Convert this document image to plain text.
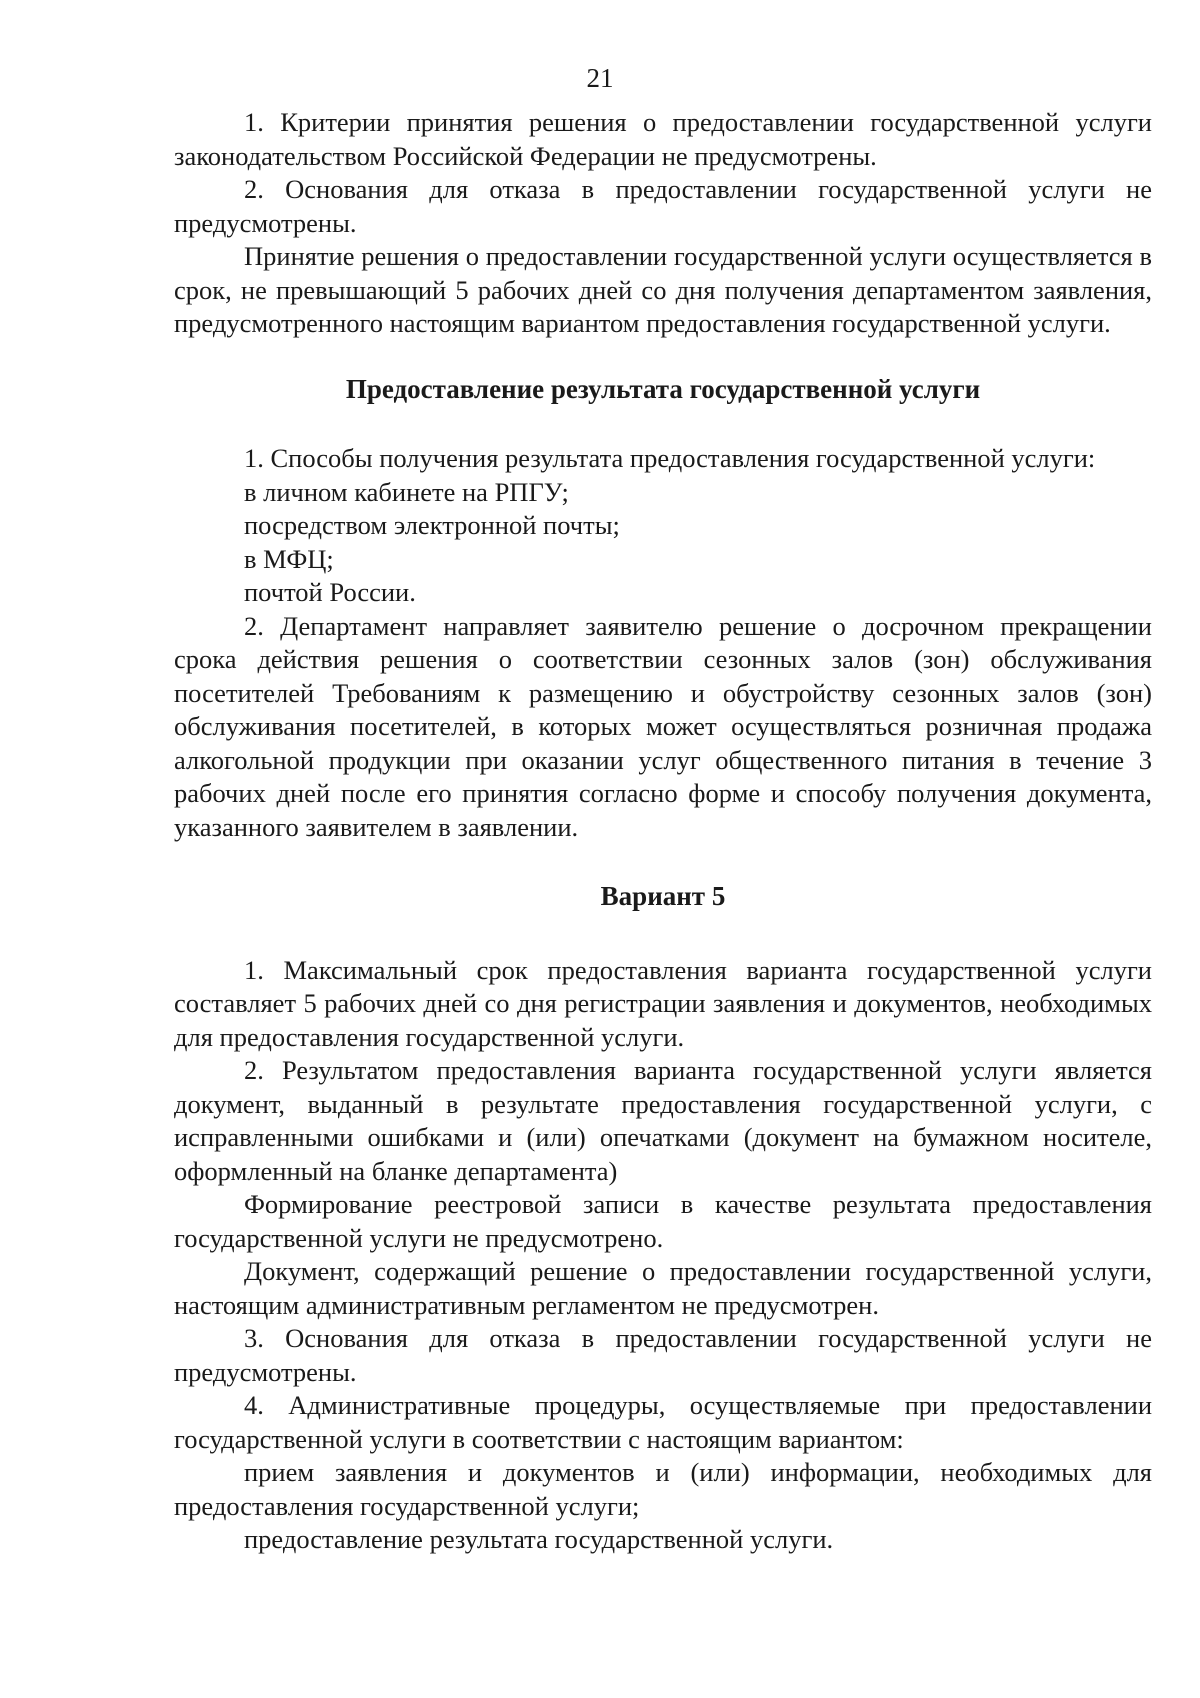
21

1. Критерии принятия решения о предоставлении государственной услуги законодательством Российской Федерации не предусмотрены.

2. Основания для отказа в предоставлении государственной услуги не предусмотрены.

Принятие решения о предоставлении государственной услуги осуществляется в срок, не превышающий 5 рабочих дней со дня получения департаментом заявления, предусмотренного настоящим вариантом предоставления государственной услуги.

Предоставление результата государственной услуги

1. Способы получения результата предоставления государственной услуги:

в личном кабинете на РПГУ;

посредством электронной почты;

в МФЦ;

почтой России.

2. Департамент направляет заявителю решение о досрочном прекращении срока действия решения о соответствии сезонных залов (зон) обслуживания посетителей Требованиям к размещению и обустройству сезонных залов (зон) обслуживания посетителей, в которых может осуществляться розничная продажа алкогольной продукции при оказании услуг общественного питания в течение 3 рабочих дней после его принятия согласно форме и способу получения документа, указанного заявителем в заявлении.

Вариант 5

1. Максимальный срок предоставления варианта государственной услуги составляет 5 рабочих дней со дня регистрации заявления и документов, необходимых для предоставления государственной услуги.

2. Результатом предоставления варианта государственной услуги является документ, выданный в результате предоставления государственной услуги, с исправленными ошибками и (или) опечатками (документ на бумажном носителе, оформленный на бланке департамента)

Формирование реестровой записи в качестве результата предоставления государственной услуги не предусмотрено.

Документ, содержащий решение о предоставлении государственной услуги, настоящим административным регламентом не предусмотрен.

3. Основания для отказа в предоставлении государственной услуги не предусмотрены.

4. Административные процедуры, осуществляемые при предоставлении государственной услуги в соответствии с настоящим вариантом:

прием заявления и документов и (или) информации, необходимых для предоставления государственной услуги;

предоставление результата государственной услуги.
